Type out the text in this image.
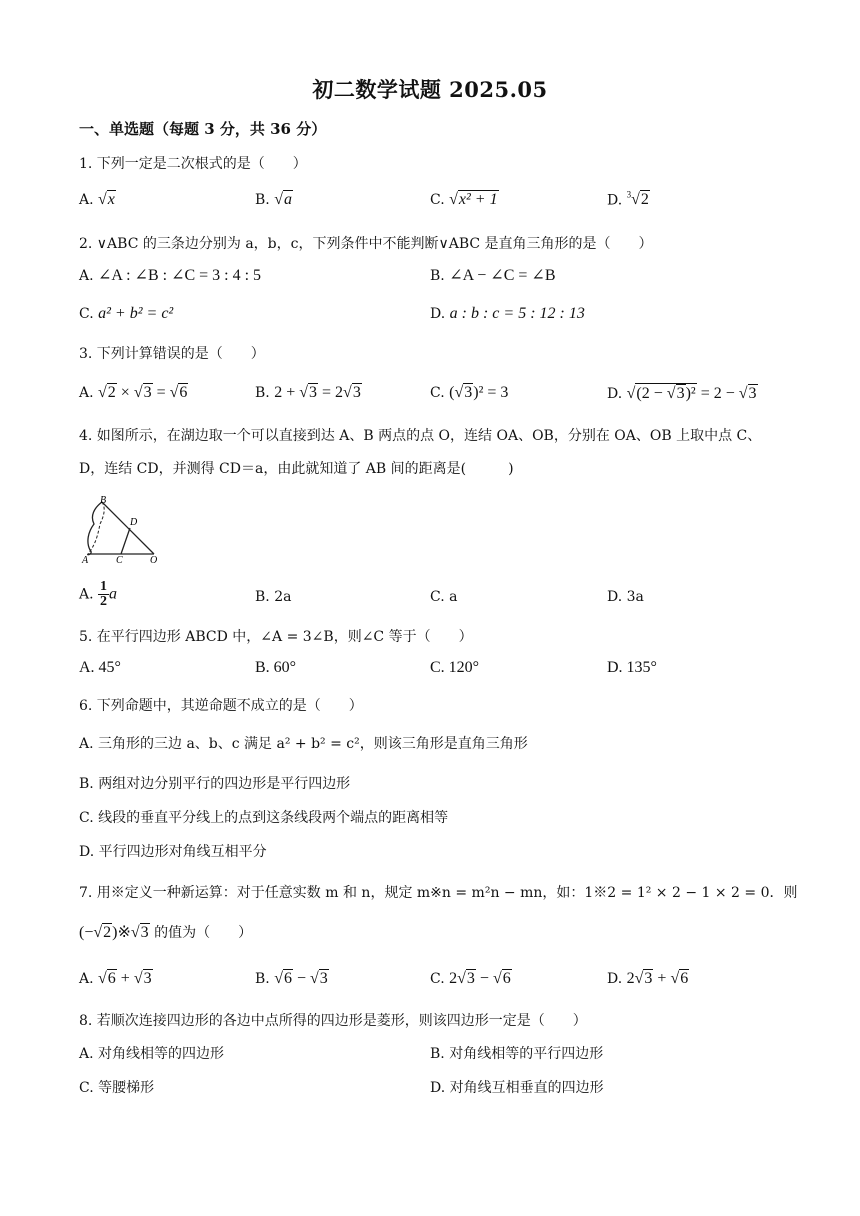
初二数学试题 2025.05
一、单选题（每题 3 分，共 36 分）
1. 下列一定是二次根式的是（　　）
A. √x	B. √a	C. √x² + 1	D. $^3$√2
2. ∨ABC 的三条边分别为 a，b，c，下列条件中不能判断∨ABC 是直角三角形的是（　　）
A. ∠A : ∠B : ∠C = 3 : 4 : 5	B. ∠A − ∠C = ∠B
C. a² + b² = c²	D. a : b : c = 5 : 12 : 13
3. 下列计算错误的是（　　）
A. √2 × √3 = √6	B. 2 + √3 = 2√3	C. (√3)² = 3	D. √(2 − √3)² = 2 − √3
4. 如图所示，在湖边取一个可以直接到达 A、B 两点的点 O，连结 OA、OB，分别在 OA、OB 上取中点 C、
D，连结 CD，并测得 CD＝a，由此就知道了 AB 间的距离是(　　　)
B
D
A	C	O
A. $\frac{1}{2}$ a	B. 2a	C. a	D. 3a
5. 在平行四边形 ABCD 中，∠A = 3∠B，则∠C 等于（　　）
A. 45°	B. 60°	C. 120°	D. 135°
6. 下列命题中，其逆命题不成立的是（　　）
A. 三角形的三边 a、b、c 满足 a² + b² = c²，则该三角形是直角三角形
B. 两组对边分别平行的四边形是平行四边形
C. 线段的垂直平分线上的点到这条线段两个端点的距离相等
D. 平行四边形对角线互相平分
7. 用※定义一种新运算：对于任意实数 m 和 n，规定 m※n = m²n − mn，如：1※2 = 1² × 2 − 1 × 2 = 0．则
(−√2)※√3 的值为（　　）
A. √6 + √3	B. √6 − √3	C. 2√3 − √6	D. 2√3 + √6
8. 若顺次连接四边形的各边中点所得的四边形是菱形，则该四边形一定是（　　）
A. 对角线相等的四边形	B. 对角线相等的平行四边形
C. 等腰梯形	D. 对角线互相垂直的四边形
